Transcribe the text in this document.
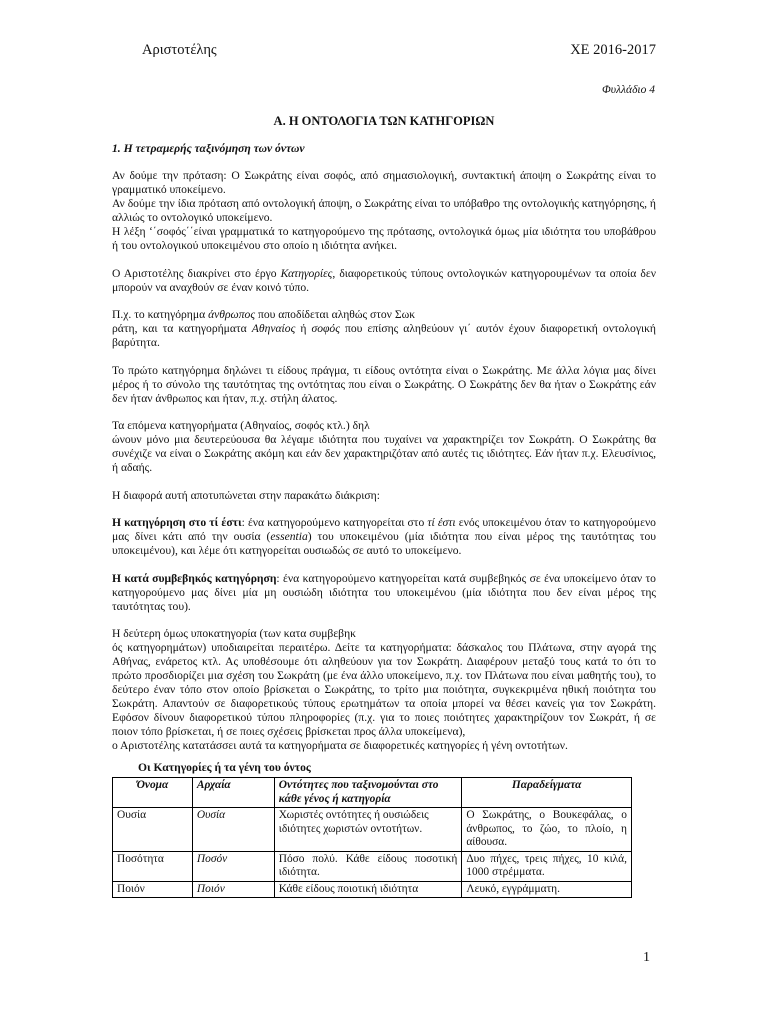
Αριστοτέλης	ΧΕ 2016-2017
Φυλλάδιο 4
Α. Η ΟΝΤΟΛΟΓΙΑ ΤΩΝ ΚΑΤΗΓΟΡΙΩΝ
1. Η τετραμερής ταξινόμηση των όντων

Αν δούμε την πρόταση: Ο Σωκράτης είναι σοφός, από σημασιολογική, συντακτική άποψη ο Σωκράτης είναι το γραμματικό υποκείμενο.
Αν δούμε την ίδια πρόταση από οντολογική άποψη, ο Σωκράτης είναι το υπόβαθρο της οντολογικής κατηγόρησης, ή αλλιώς το οντολογικό υποκείμενο.
Η λέξη ‘΄σοφός΄΄είναι γραμματικά το κατηγορούμενο της πρότασης, οντολογικά όμως μία ιδιότητα του υποβάθρου ή του οντολογικού υποκειμένου στο οποίο η ιδιότητα ανήκει.

Ο Αριστοτέλης διακρίνει στο έργο Κατηγορίες, διαφορετικούς τύπους οντολογικών κατηγορουμένων τα οποία δεν μπορούν να αναχθούν σε έναν κοινό τύπο.

Π.χ. το κατηγόρημα άνθρωπος που αποδίδεται αληθώς στον Σωκ
ράτη, και τα κατηγορήματα Αθηναίος ή σοφός που επίσης αληθεύουν γι΄ αυτόν έχουν διαφορετική οντολογική βαρύτητα.

Το πρώτο κατηγόρημα δηλώνει τι είδους πράγμα, τι είδους οντότητα είναι ο Σωκράτης. Με άλλα λόγια μας δίνει μέρος ή το σύνολο της ταυτότητας της οντότητας που είναι ο Σωκράτης. Ο Σωκράτης δεν θα ήταν ο Σωκράτης εάν δεν ήταν άνθρωπος και ήταν, π.χ. στήλη άλατος.

Τα επόμενα κατηγορήματα (Αθηναίος, σοφός κτλ.) δηλ
ώνουν μόνο μια δευτερεύουσα θα λέγαμε ιδιότητα που τυχαίνει να χαρακτηρίζει τον Σωκράτη. Ο Σωκράτης θα συνέχιζε να είναι ο Σωκράτης ακόμη και εάν δεν χαρακτηριζόταν από αυτές τις ιδιότητες. Εάν ήταν π.χ. Ελευσίνιος, ή αδαής.

Η διαφορά αυτή αποτυπώνεται στην παρακάτω διάκριση:

Η κατηγόρηση στο τί έστι: ένα κατηγορούμενο κατηγορείται στο τί έστι ενός υποκειμένου όταν το κατηγορούμενο μας δίνει κάτι από την ουσία (essentia) του υποκειμένου (μία ιδιότητα που είναι μέρος της ταυτότητας του υποκειμένου), και λέμε ότι κατηγορείται ουσιωδώς σε αυτό το υποκείμενο.

Η κατά συμβεβηκός κατηγόρηση: ένα κατηγορούμενο κατηγορείται κατά συμβεβηκός σε ένα υποκείμενο όταν το κατηγορούμενο μας δίνει μία μη ουσιώδη ιδιότητα του υποκειμένου (μία ιδιότητα που δεν είναι μέρος της ταυτότητας του).

Η δεύτερη όμως υποκατηγορία (των κατα συμβεβηκ
ός κατηγορημάτων) υποδιαιρείται περαιτέρω. Δείτε τα κατηγορήματα: δάσκαλος του Πλάτωνα, στην αγορά της Αθήνας, ενάρετος κτλ. Ας υποθέσουμε ότι αληθεύουν για τον Σωκράτη. Διαφέρουν μεταξύ τους κατά το ότι το πρώτο προσδιορίζει μια σχέση του Σωκράτη (με ένα άλλο υποκείμενο, π.χ. τον Πλάτωνα που είναι μαθητής του), το δεύτερο έναν τόπο στον οποίο βρίσκεται ο Σωκράτης, το τρίτο μια ποιότητα, συγκεκριμένα ηθική ποιότητα του Σωκράτη. Απαντούν σε διαφορετικούς τύπους ερωτημάτων τα οποία μπορεί να θέσει κανείς για τον Σωκράτη. Εφόσον δίνουν διαφορετικού τύπου πληροφορίες (π.χ. για το ποιες ποιότητες χαρακτηρίζουν τον Σωκράτ, ή σε ποιον τόπο βρίσκεται, ή σε ποιες σχέσεις βρίσκεται προς άλλα υποκείμενα),
ο Αριστοτέλης κατατάσσει αυτά τα κατηγορήματα σε διαφορετικές κατηγορίες ή γένη οντοτήτων.

Οι Κατηγορίες ή τα γένη του όντος
Όνομα	Αρχαία	Οντότητες που ταξινομούνται στο κάθε γένος ή κατηγορία	Παραδείγματα
Ουσία	Ουσία	Χωριστές οντότητες ή ουσιώδεις ιδιότητες χωριστών οντοτήτων.	Ο Σωκράτης, ο Βουκεφάλας, ο άνθρωπος, το ζώο, το πλοίο, η αίθουσα.
Ποσότητα	Ποσόν	Πόσο πολύ. Κάθε είδους ποσοτική ιδιότητα.	Δυο πήχες, τρεις πήχες, 10 κιλά, 1000 στρέμματα.
Ποιόν	Ποιόν	Κάθε είδους ποιοτική ιδιότητα	Λευκό, εγγράμματη.
1
